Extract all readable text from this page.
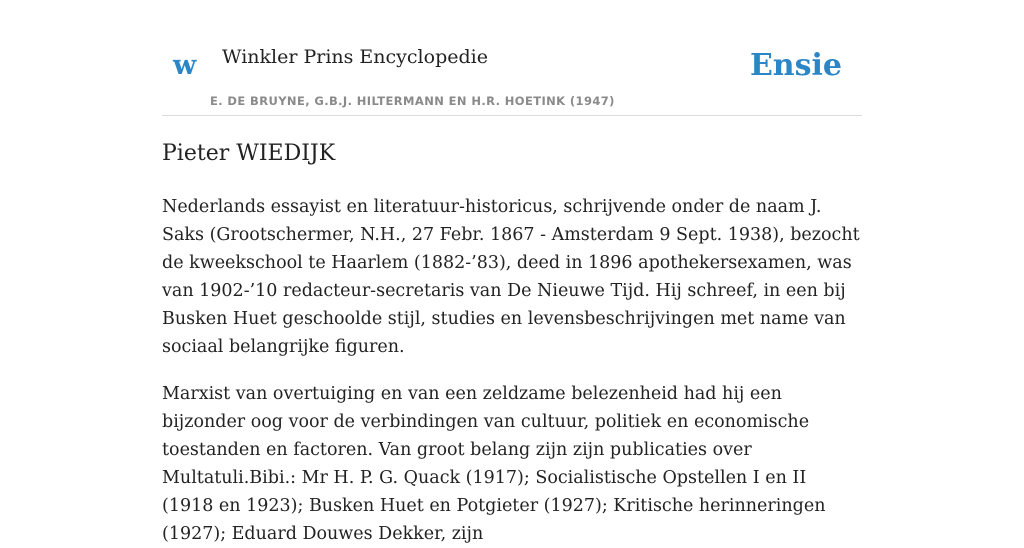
w Winkler Prins Encyclopedie
E. DE BRUYNE, G.B.J. HILTERMANN EN H.R. HOETINK (1947)
Ensie
Pieter WIEDIJK

Nederlands essayist en literatuur-historicus, schrijvende onder de naam J. Saks (Grootschermer, N.H., 27 Febr. 1867 - Amsterdam 9 Sept. 1938), bezocht de kweekschool te Haarlem (1882-’83), deed in 1896 apothekersexamen, was van 1902-’10 redacteur-secretaris van De Nieuwe Tijd. Hij schreef, in een bij Busken Huet geschoolde stijl, studies en levensbeschrijvingen met name van sociaal belangrijke figuren.

Marxist van overtuiging en van een zeldzame belezenheid had hij een bijzonder oog voor de verbindingen van cultuur, politiek en economische toestanden en factoren. Van groot belang zijn zijn publicaties over Multatuli.Bibi.: Mr H. P. G. Quack (1917); Socialistische Opstellen I en II (1918 en 1923); Busken Huet en Potgieter (1927); Kritische herinneringen (1927); Eduard Douwes Dekker, zijn
